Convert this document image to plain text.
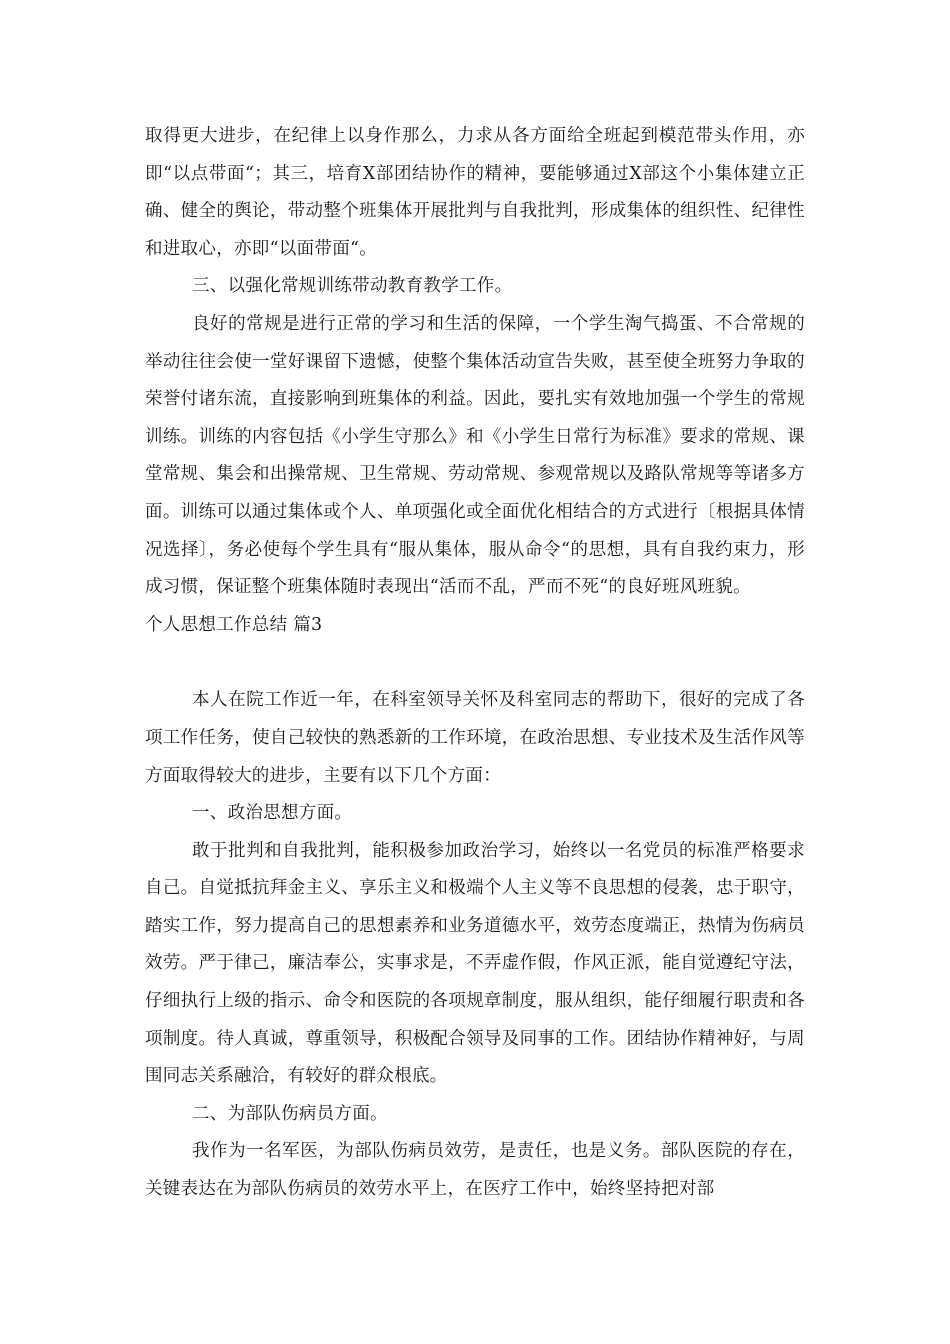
取得更大进步，在纪律上以身作那么，力求从各方面给全班起到模范带头作用，亦即“以点带面“；其三，培育X部团结协作的精神，要能够通过X部这个小集体建立正确、健全的舆论，带动整个班集体开展批判与自我批判，形成集体的组织性、纪律性和进取心，亦即“以面带面“。

三、以强化常规训练带动教育教学工作。

良好的常规是进行正常的学习和生活的保障，一个学生淘气捣蛋、不合常规的举动往往会使一堂好课留下遗憾，使整个集体活动宣告失败，甚至使全班努力争取的荣誉付诸东流，直接影响到班集体的利益。因此，要扎实有效地加强一个学生的常规训练。训练的内容包括《小学生守那么》和《小学生日常行为标准》要求的常规、课堂常规、集会和出操常规、卫生常规、劳动常规、参观常规以及路队常规等等诸多方面。训练可以通过集体或个人、单项强化或全面优化相结合的方式进行〔根据具体情况选择〕，务必使每个学生具有“服从集体，服从命令“的思想，具有自我约束力，形成习惯，保证整个班集体随时表现出“活而不乱，严而不死“的良好班风班貌。

个人思想工作总结 篇3

本人在院工作近一年，在科室领导关怀及科室同志的帮助下，很好的完成了各项工作任务，使自己较快的熟悉新的工作环境，在政治思想、专业技术及生活作风等方面取得较大的进步，主要有以下几个方面：

一、政治思想方面。

敢于批判和自我批判，能积极参加政治学习，始终以一名党员的标准严格要求自己。自觉抵抗拜金主义、享乐主义和极端个人主义等不良思想的侵袭，忠于职守，踏实工作，努力提高自己的思想素养和业务道德水平，效劳态度端正，热情为伤病员效劳。严于律己，廉洁奉公，实事求是，不弄虚作假，作风正派，能自觉遵纪守法，仔细执行上级的指示、命令和医院的各项规章制度，服从组织，能仔细履行职责和各项制度。待人真诚，尊重领导，积极配合领导及同事的工作。团结协作精神好，与周围同志关系融洽，有较好的群众根底。

二、为部队伤病员方面。

我作为一名军医，为部队伤病员效劳，是责任，也是义务。部队医院的存在，关键表达在为部队伤病员的效劳水平上，在医疗工作中，始终坚持把对部
